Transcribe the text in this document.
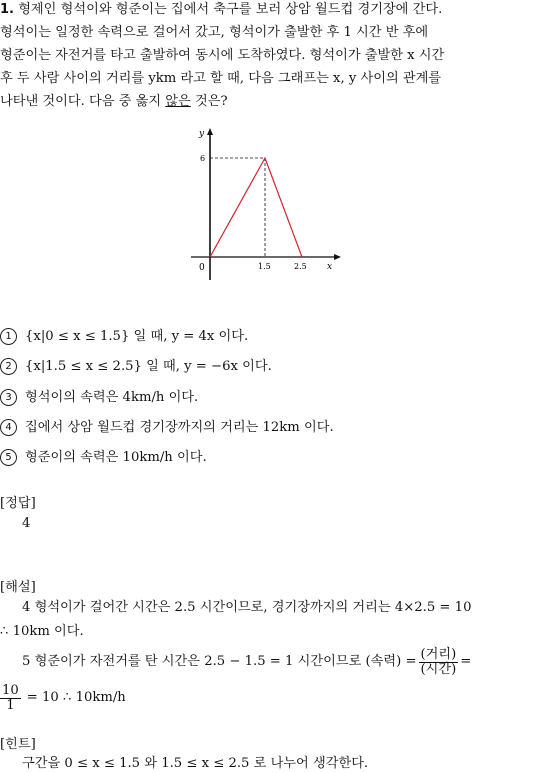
1. 형제인 형석이와 형준이는 집에서 축구를 보러 상암 월드컵 경기장에 간다.
형석이는 일정한 속력으로 걸어서 갔고, 형석이가 출발한 후 1 시간 반 후에
형준이는 자전거를 타고 출발하여 동시에 도착하였다. 형석이가 출발한 x 시간
후 두 사람 사이의 거리를 ykm 라고 할 때, 다음 그래프는 x, y 사이의 관계를
나타낸 것이다. 다음 중 옳지 않은 것은?
y
x
0
6
1.5	2.5
1 {x|0 ≤ x ≤ 1.5} 일 때, y = 4x 이다.
2 {x|1.5 ≤ x ≤ 2.5} 일 때, y = −6x 이다.
3 형석이의 속력은 4km/h 이다.
4 집에서 상암 월드컵 경기장까지의 거리는 12km 이다.
5 형준이의 속력은 10km/h 이다.
[정답]
4
[해설]
4 형석이가 걸어간 시간은 2.5 시간이므로, 경기장까지의 거리는 4×2.5 = 10
∴ 10km 이다.
5 형준이가 자전거를 탄 시간은 2.5 − 1.5 = 1 시간이므로 (속력) = $\frac{\text{(거리)}}{\text{(시간)}}$ =
$\frac{10}{1} = 10$ ∴ 10km/h
[힌트]
구간을 0 ≤ x ≤ 1.5 와 1.5 ≤ x ≤ 2.5 로 나누어 생각한다.
